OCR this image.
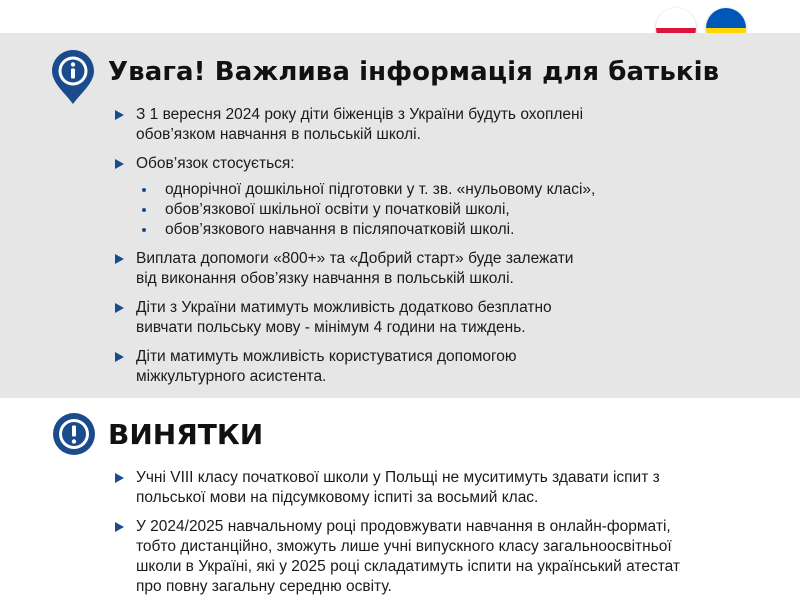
Увага! Важлива інформація для батьків
З 1 вересня 2024 року діти біженців з України будуть охоплені
обов’язком навчання в польській школі.
Обов’язок стосується:
однорічної дошкільної підготовки у т. зв. «нульовому класі»,
обов’язкової шкільної освіти у початковій школі,
обов’язкового навчання в післяпочатковій школі.
Виплата допомоги «800+» та «Добрий старт» буде залежати
від виконання обов’язку навчання в польській школі.
Діти з України матимуть можливість додатково безплатно
вивчати польську мову - мінімум 4 години на тиждень.
Діти матимуть можливість користуватися допомогою
міжкультурного асистента.
ВИНЯТКИ
Учні VIII класу початкової школи у Польщі не муситимуть здавати іспит з
польської мови на підсумковому іспиті за восьмий клас.
У 2024/2025 навчальному році продовжувати навчання в онлайн-форматі,
тобто дистанційно, зможуть лише учні випускного класу загальноосвітньої
школи в Україні, які у 2025 році складатимуть іспити на український атестат
про повну загальну середню освіту.
